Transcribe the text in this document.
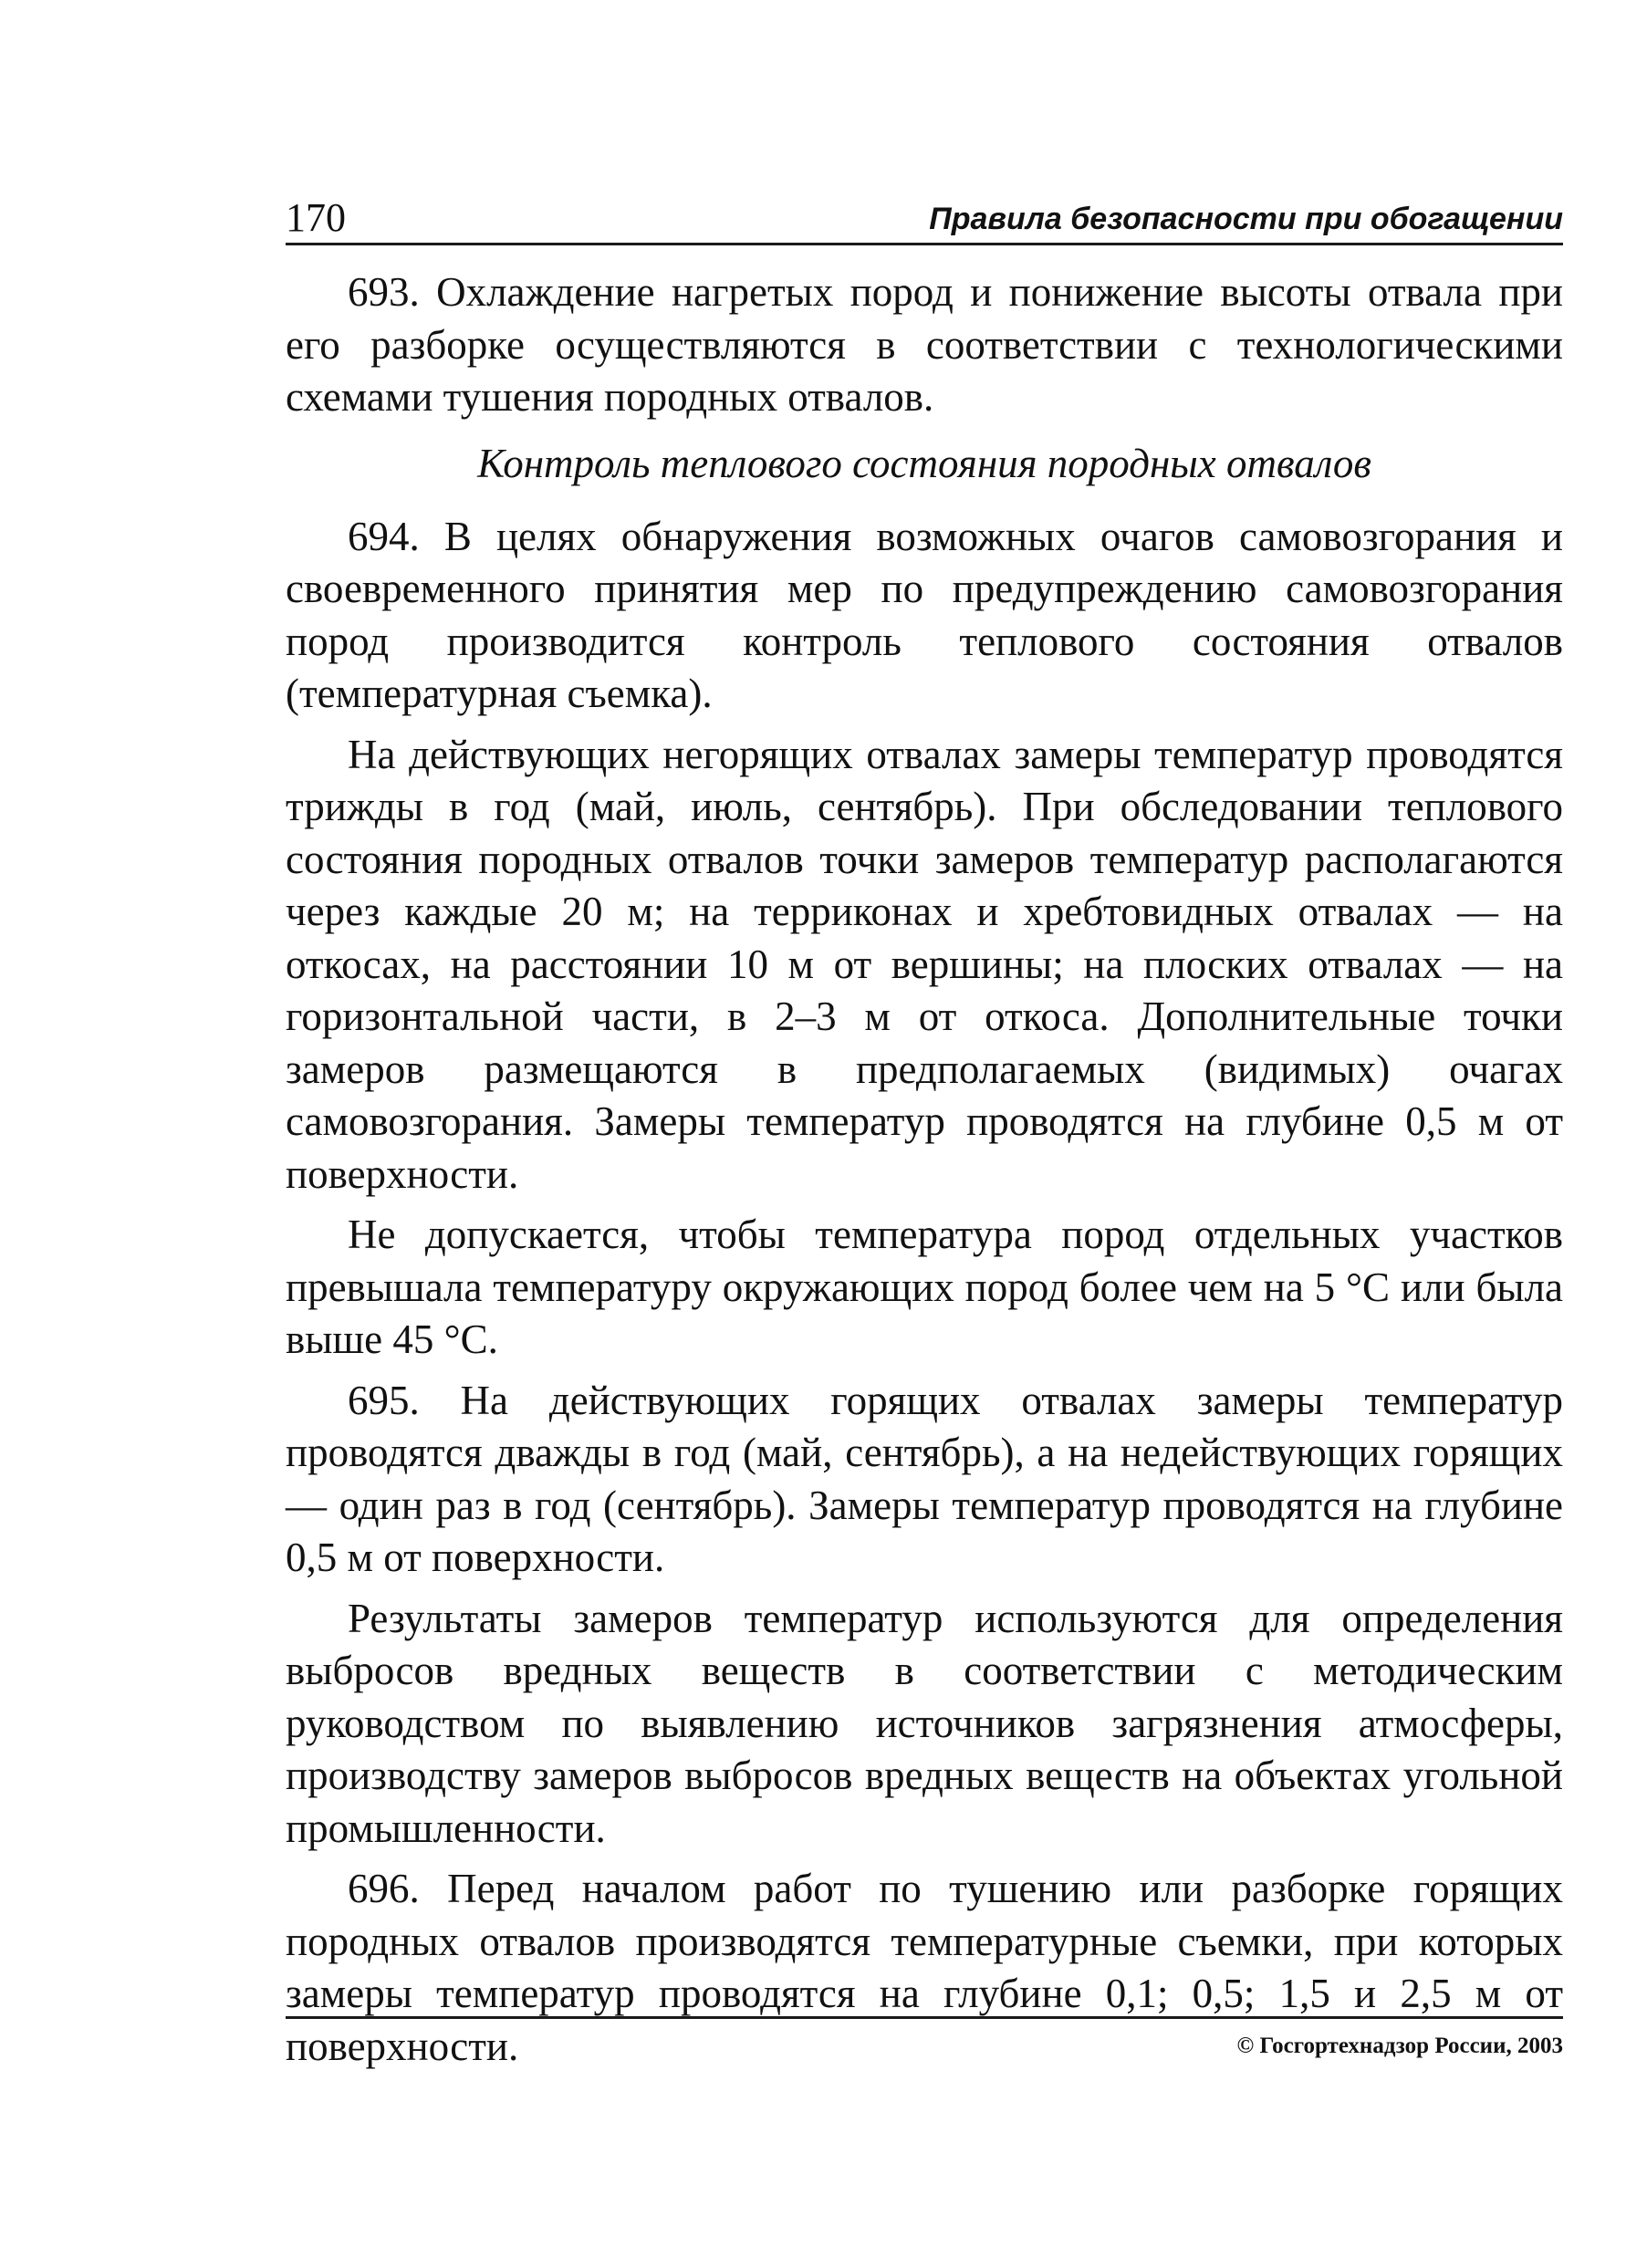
170	Правила безопасности при обогащении

693. Охлаждение нагретых пород и понижение высоты отвала при его разборке осуществляются в соответствии с технологическими схемами тушения породных отвалов.

Контроль теплового состояния породных отвалов

694. В целях обнаружения возможных очагов самовозгорания и своевременного принятия мер по предупреждению самовозгорания пород производится контроль теплового состояния отвалов (температурная съемка).

На действующих негорящих отвалах замеры температур проводятся трижды в год (май, июль, сентябрь). При обследовании теплового состояния породных отвалов точки замеров температур располагаются через каждые 20 м; на терриконах и хребтовидных отвалах — на откосах, на расстоянии 10 м от вершины; на плоских отвалах — на горизонтальной части, в 2–3 м от откоса. Дополнительные точки замеров размещаются в предполагаемых (видимых) очагах самовозгорания. Замеры температур проводятся на глубине 0,5 м от поверхности.

Не допускается, чтобы температура пород отдельных участков превышала температуру окружающих пород более чем на 5 °С или была выше 45 °С.

695. На действующих горящих отвалах замеры температур проводятся дважды в год (май, сентябрь), а на недействующих горящих — один раз в год (сентябрь). Замеры температур проводятся на глубине 0,5 м от поверхности.

Результаты замеров температур используются для определения выбросов вредных веществ в соответствии с методическим руководством по выявлению источников загрязнения атмосферы, производству замеров выбросов вредных веществ на объектах угольной промышленности.

696. Перед началом работ по тушению или разборке горящих породных отвалов производятся температурные съемки, при которых замеры температур проводятся на глубине 0,1; 0,5; 1,5 и 2,5 м от поверхности.	© Госгортехнадзор России, 2003
